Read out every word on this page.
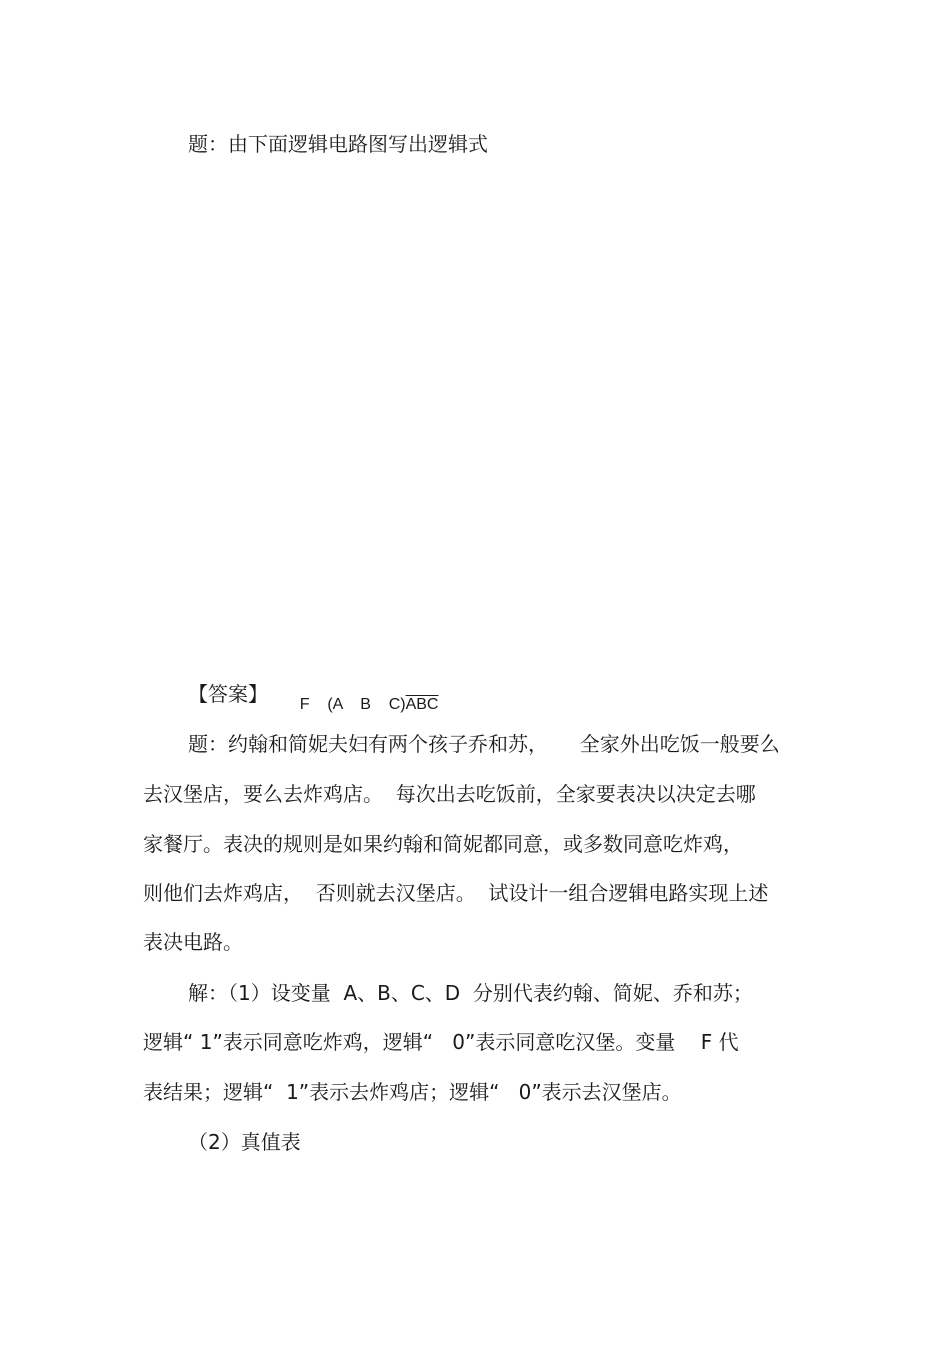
题：由下面逻辑电路图写出逻辑式
【答案】	F    (A    B    $C)\overline{ABC}$

题：约翰和简妮夫妇有两个孩子乔和苏，     全家外出吃饭一般要么
去汉堡店，要么去炸鸡店。  每次出去吃饭前，全家要表决以决定去哪
家餐厅。表决的规则是如果约翰和简妮都同意，或多数同意吃炸鸡，
则他们去炸鸡店，  否则就去汉堡店。  试设计一组合逻辑电路实现上述
表决电路。
解：（1）设变量  A、B、C、D  分别代表约翰、简妮、乔和苏；
逻辑“ 1”表示同意吃炸鸡，逻辑“   0”表示同意吃汉堡。变量    F 代
表结果；逻辑“  1”表示去炸鸡店；逻辑“   0”表示去汉堡店。
（2）真值表
